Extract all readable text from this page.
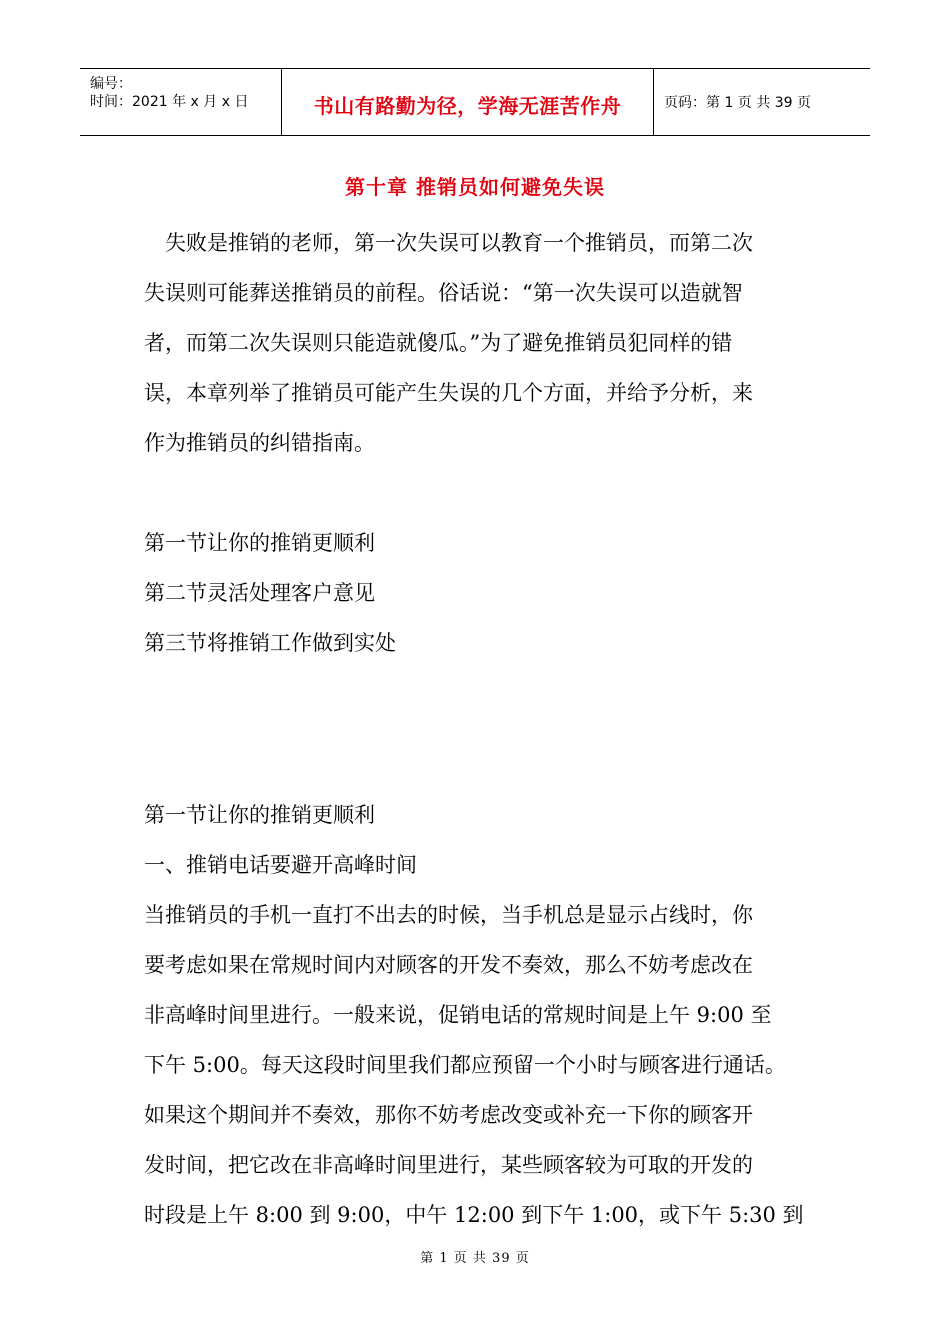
编号：
时间：2021 年 x 月 x 日	书山有路勤为径，学海无涯苦作舟	页码：第 1 页 共 39 页
第十章 推销员如何避免失误

失败是推销的老师，第一次失误可以教育一个推销员，而第二次

失误则可能葬送推销员的前程。俗话说：“第一次失误可以造就智

者，而第二次失误则只能造就傻瓜。”为了避免推销员犯同样的错

误，本章列举了推销员可能产生失误的几个方面，并给予分析，来

作为推销员的纠错指南。

第一节让你的推销更顺利

第二节灵活处理客户意见

第三节将推销工作做到实处

第一节让你的推销更顺利

一、推销电话要避开高峰时间

当推销员的手机一直打不出去的时候，当手机总是显示占线时，你

要考虑如果在常规时间内对顾客的开发不奏效，那么不妨考虑改在

非高峰时间里进行。一般来说，促销电话的常规时间是上午 9:00 至

下午 5:00。每天这段时间里我们都应预留一个小时与顾客进行通话。

如果这个期间并不奏效，那你不妨考虑改变或补充一下你的顾客开

发时间，把它改在非高峰时间里进行，某些顾客较为可取的开发的

时段是上午 8:00 到 9:00，中午 12:00 到下午 1:00，或下午 5:30 到

第 1 页 共 39 页
